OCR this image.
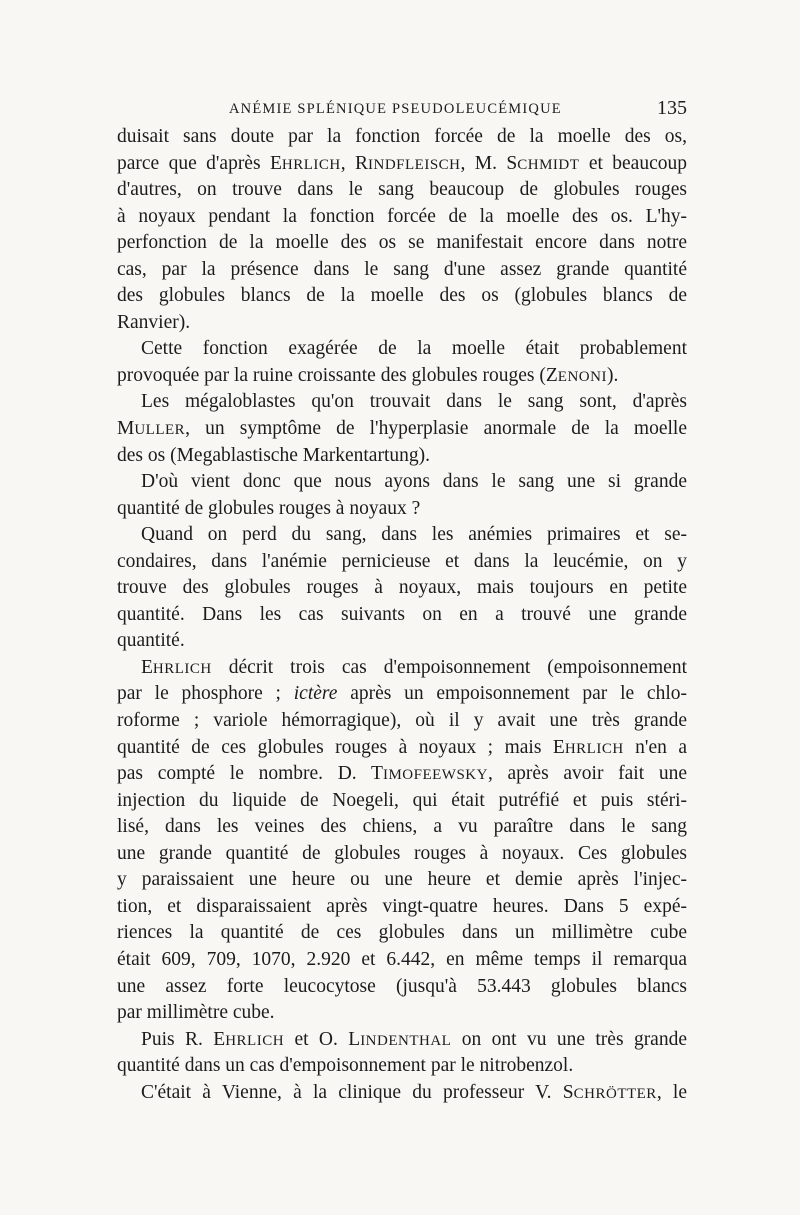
ANÉMIE SPLÉNIQUE PSEUDOLEUCÉMIQUE	135
duisait sans doute par la fonction forcée de la moelle des os,
parce que d'après EHRLICH, RINDFLEISCH, M. SCHMIDT et beaucoup
d'autres, on trouve dans le sang beaucoup de globules rouges
à noyaux pendant la fonction forcée de la moelle des os. L'hy-
perfonction de la moelle des os se manifestait encore dans notre
cas, par la présence dans le sang d'une assez grande quantité
des globules blancs de la moelle des os (globules blancs de
Ranvier).
Cette fonction exagérée de la moelle était probablement
provoquée par la ruine croissante des globules rouges (ZENONI).
Les mégaloblastes qu'on trouvait dans le sang sont, d'après
MULLER, un symptôme de l'hyperplasie anormale de la moelle
des os (Megablastische Markentartung).
D'où vient donc que nous ayons dans le sang une si grande
quantité de globules rouges à noyaux ?
Quand on perd du sang, dans les anémies primaires et se-
condaires, dans l'anémie pernicieuse et dans la leucémie, on y
trouve des globules rouges à noyaux, mais toujours en petite
quantité. Dans les cas suivants on en a trouvé une grande
quantité.
EHRLICH décrit trois cas d'empoisonnement (empoisonnement
par le phosphore ; ictère après un empoisonnement par le chlo-
roforme ; variole hémorragique), où il y avait une très grande
quantité de ces globules rouges à noyaux ; mais EHRLICH n'en a
pas compté le nombre. D. TIMOFEEWSKY, après avoir fait une
injection du liquide de Noegeli, qui était putréfié et puis stéri-
lisé, dans les veines des chiens, a vu paraître dans le sang
une grande quantité de globules rouges à noyaux. Ces globules
y paraissaient une heure ou une heure et demie après l'injec-
tion, et disparaissaient après vingt-quatre heures. Dans 5 expé-
riences la quantité de ces globules dans un millimètre cube
était 609, 709, 1070, 2.920 et 6.442, en même temps il remarqua
une assez forte leucocytose (jusqu'à 53.443 globules blancs
par millimètre cube.
Puis R. EHRLICH et O. LINDENTHAL on ont vu une très grande
quantité dans un cas d'empoisonnement par le nitrobenzol.
C'était à Vienne, à la clinique du professeur V. SCHRÖTTER, le
